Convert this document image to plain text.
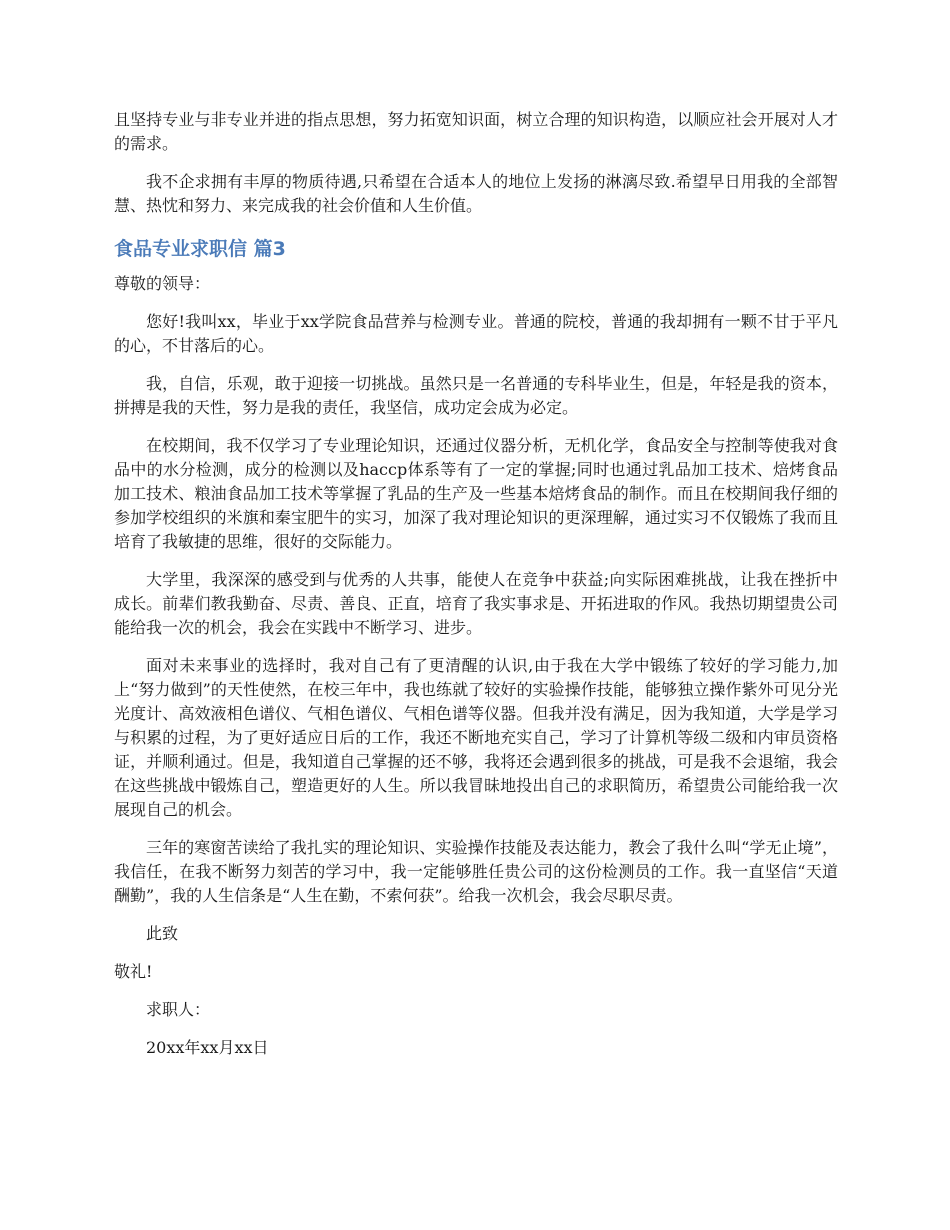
且坚持专业与非专业并进的指点思想，努力拓宽知识面，树立合理的知识构造，以顺应社会开展对人才的需求。

我不企求拥有丰厚的物质待遇,只希望在合适本人的地位上发扬的淋漓尽致.希望早日用我的全部智慧、热忱和努力、来完成我的社会价值和人生价值。

食品专业求职信 篇3

尊敬的领导：

您好!我叫xx，毕业于xx学院食品营养与检测专业。普通的院校，普通的我却拥有一颗不甘于平凡的心，不甘落后的心。

我，自信，乐观，敢于迎接一切挑战。虽然只是一名普通的专科毕业生，但是，年轻是我的资本，拼搏是我的天性，努力是我的责任，我坚信，成功定会成为必定。

在校期间，我不仅学习了专业理论知识，还通过仪器分析，无机化学，食品安全与控制等使我对食品中的水分检测，成分的检测以及haccp体系等有了一定的掌握;同时也通过乳品加工技术、焙烤食品加工技术、粮油食品加工技术等掌握了乳品的生产及一些基本焙烤食品的制作。而且在校期间我仔细的参加学校组织的米旗和秦宝肥牛的实习，加深了我对理论知识的更深理解，通过实习不仅锻炼了我而且培育了我敏捷的思维，很好的交际能力。

大学里，我深深的感受到与优秀的人共事，能使人在竞争中获益;向实际困难挑战，让我在挫折中成长。前辈们教我勤奋、尽责、善良、正直，培育了我实事求是、开拓进取的作风。我热切期望贵公司能给我一次的机会，我会在实践中不断学习、进步。

面对未来事业的选择时，我对自己有了更清醒的认识,由于我在大学中锻练了较好的学习能力,加上“努力做到”的天性使然，在校三年中，我也练就了较好的实验操作技能，能够独立操作紫外可见分光光度计、高效液相色谱仪、气相色谱仪、气相色谱等仪器。但我并没有满足，因为我知道，大学是学习与积累的过程，为了更好适应日后的工作，我还不断地充实自己，学习了计算机等级二级和内审员资格证，并顺利通过。但是，我知道自己掌握的还不够，我将还会遇到很多的挑战，可是我不会退缩，我会在这些挑战中锻炼自己，塑造更好的人生。所以我冒昧地投出自己的求职简历，希望贵公司能给我一次展现自己的机会。

三年的寒窗苦读给了我扎实的理论知识、实验操作技能及表达能力，教会了我什么叫“学无止境”，我信任，在我不断努力刻苦的学习中，我一定能够胜任贵公司的这份检测员的工作。我一直坚信“天道酬勤”，我的人生信条是“人生在勤，不索何获”。给我一次机会，我会尽职尽责。

此致

敬礼!

求职人：

20xx年xx月xx日
